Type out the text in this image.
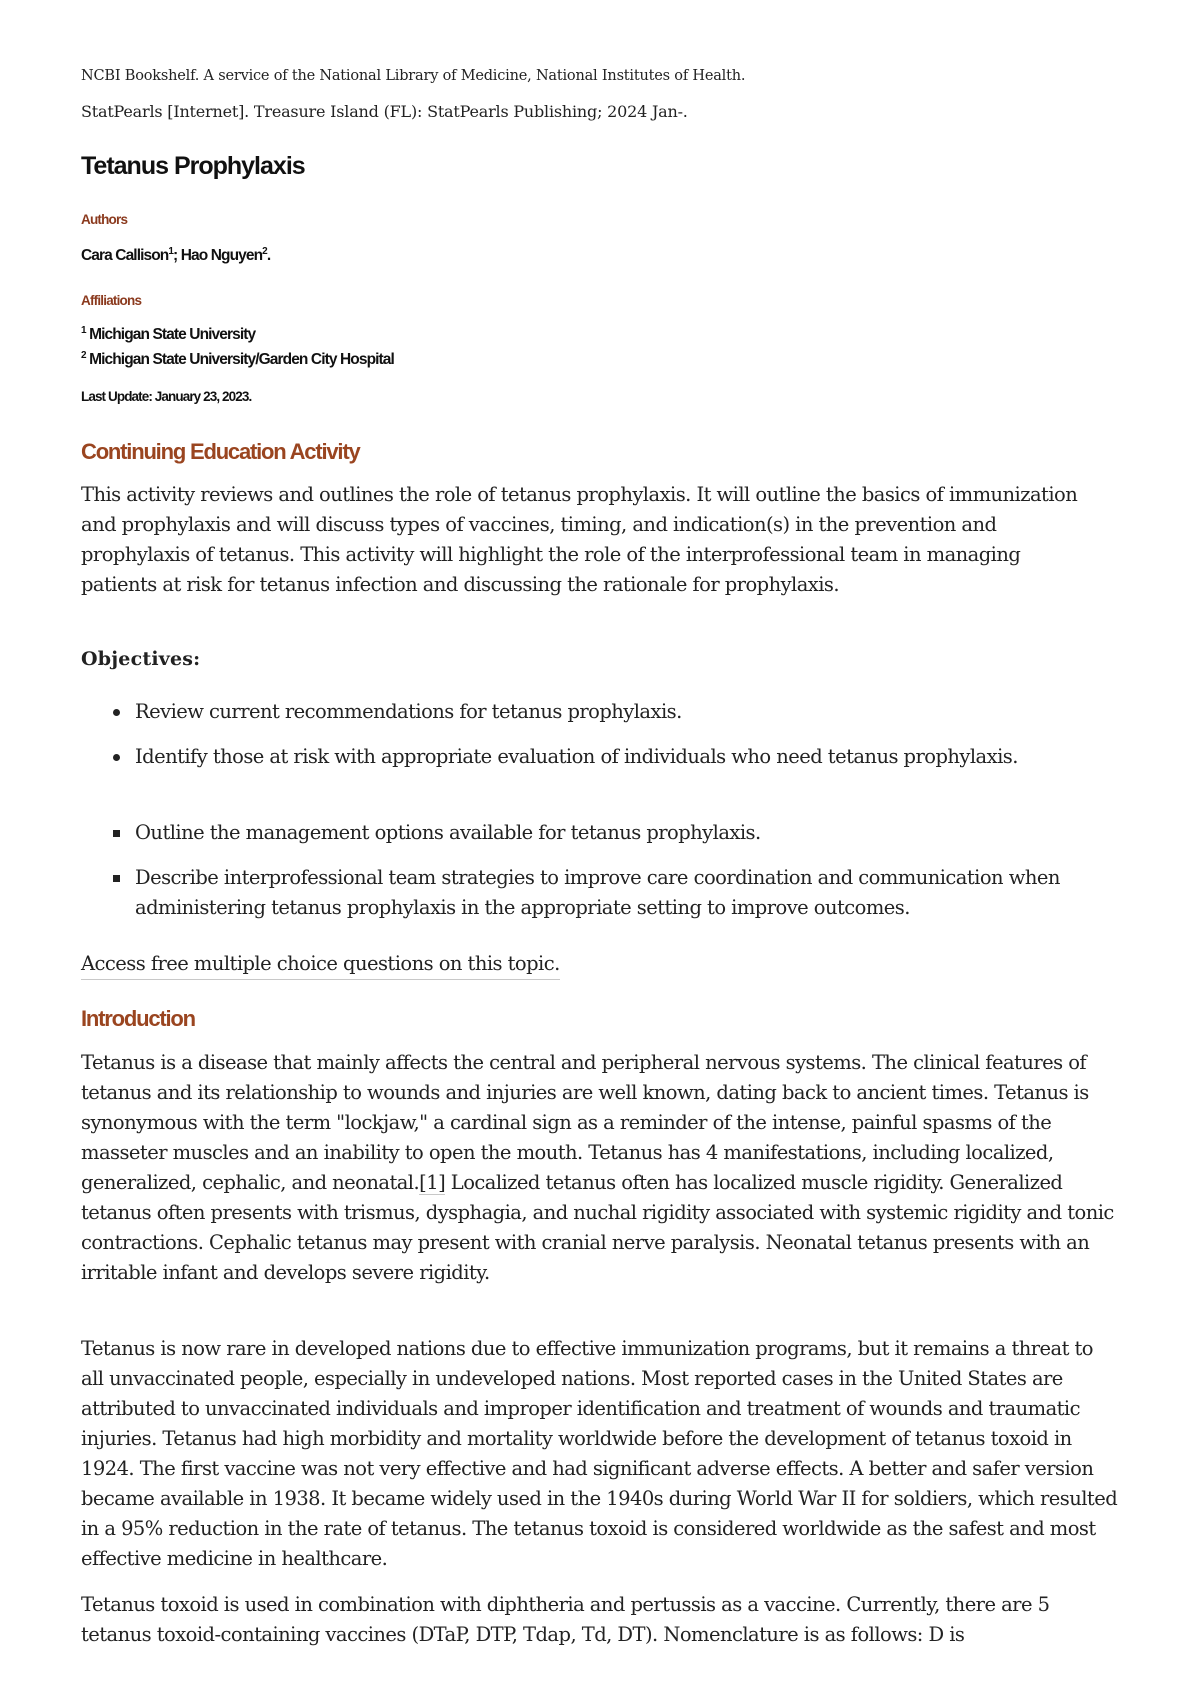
NCBI Bookshelf. A service of the National Library of Medicine, National Institutes of Health.

StatPearls [Internet]. Treasure Island (FL): StatPearls Publishing; 2024 Jan-.

Tetanus Prophylaxis
Authors
Cara Callison$^1$; Hao Nguyen$^2$.
Affiliations
$^1$ Michigan State University
$^2$ Michigan State University/Garden City Hospital
Last Update: January 23, 2023.
Continuing Education Activity

This activity reviews and outlines the role of tetanus prophylaxis. It will outline the basics of immunization and prophylaxis and will discuss types of vaccines, timing, and indication(s) in the prevention and prophylaxis of tetanus. This activity will highlight the role of the interprofessional team in managing patients at risk for tetanus infection and discussing the rationale for prophylaxis.

Objectives:
Review current recommendations for tetanus prophylaxis.
Identify those at risk with appropriate evaluation of individuals who need tetanus prophylaxis.
Outline the management options available for tetanus prophylaxis.
Describe interprofessional team strategies to improve care coordination and communication when administering tetanus prophylaxis in the appropriate setting to improve outcomes.
Access free multiple choice questions on this topic.
Introduction

Tetanus is a disease that mainly affects the central and peripheral nervous systems. The clinical features of tetanus and its relationship to wounds and injuries are well known, dating back to ancient times. Tetanus is synonymous with the term "lockjaw," a cardinal sign as a reminder of the intense, painful spasms of the masseter muscles and an inability to open the mouth. Tetanus has 4 manifestations, including localized, generalized, cephalic, and neonatal.[1] Localized tetanus often has localized muscle rigidity. Generalized tetanus often presents with trismus, dysphagia, and nuchal rigidity associated with systemic rigidity and tonic contractions. Cephalic tetanus may present with cranial nerve paralysis. Neonatal tetanus presents with an irritable infant and develops severe rigidity.

Tetanus is now rare in developed nations due to effective immunization programs, but it remains a threat to all unvaccinated people, especially in undeveloped nations. Most reported cases in the United States are attributed to unvaccinated individuals and improper identification and treatment of wounds and traumatic injuries. Tetanus had high morbidity and mortality worldwide before the development of tetanus toxoid in 1924. The first vaccine was not very effective and had significant adverse effects. A better and safer version became available in 1938. It became widely used in the 1940s during World War II for soldiers, which resulted in a 95% reduction in the rate of tetanus. The tetanus toxoid is considered worldwide as the safest and most effective medicine in healthcare.

Tetanus toxoid is used in combination with diphtheria and pertussis as a vaccine. Currently, there are 5 tetanus toxoid-containing vaccines (DTaP, DTP, Tdap, Td, DT). Nomenclature is as follows: D is
